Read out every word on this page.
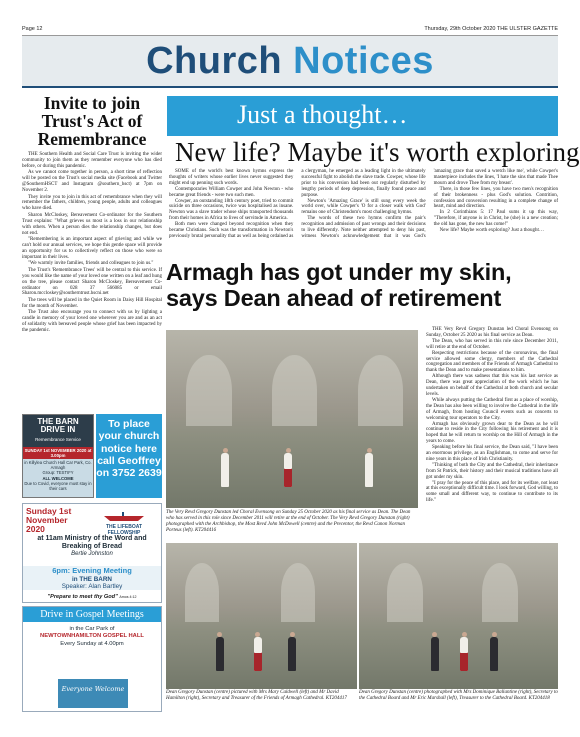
Page 12	Thursday, 29th October 2020 THE ULSTER GAZETTE
Church Notices
Invite to join Trust's Act of Remembrance

THE Southern Health and Social Care Trust is inviting the wider community to join them as they remember everyone who has died before, or during this pandemic.

As we cannot come together in person, a short time of reflection will be posted on the Trust's social media site (Facebook and Twitter @SouthernHSCT and Instagram @southern_hsct) at 7pm on November 2.

They invite you to join in this act of remembrance when they will remember the fathers, children, young people, adults and colleagues who have died.

Sharon McCloskey, Bereavement Co-ordinator for the Southern Trust explains: "What grieves us most is a loss in our relationship with others. When a person dies the relationship changes, but does not end.

"Remembering is an important aspect of grieving and while we can't hold our annual services, we hope this gentle space will provide an opportunity for us to collectively reflect on those who were so important in their lives.

"We warmly invite families, friends and colleagues to join us."

The Trust's 'Remembrance Trees' will be central to this service. If you would like the name of your loved one written on a leaf and hung on the tree, please contact Sharon McCloskey, Bereavement Co-ordinator on 028 37 566085 or email Sharon.mccloskey@southerntrust.hscni.net

The trees will be placed in the Quiet Room in Daisy Hill Hospital for the month of November.

The Trust also encourage you to connect with us by lighting a candle in memory of your loved one wherever you are and as an act of solidarity with bereaved people whose grief has been impacted by the pandemic.

THE BARN
DRIVE IN
Remembrance Service
SUNDAY 1st NOVEMBER 2020 at 3.00pm
in Killylea Church Hall Car Park, Co. Armagh
Group: TESTIFY
ALL WELCOME
Due to Covid, everyone must stay in their cars
To place your church notice here call Geoffrey on 3752 2639
Sunday 1st November 2020	THE LIFEBOAT FELLOWSHIP
at 11am Ministry of the Word and Breaking of Bread
Bertie Johnston
6pm: Evening Meeting
in THE BARN
Speaker: Alan Bartley
"Prepare to meet thy God" Amos 4:12
Drive in Gospel Meetings
in the Car Park of
NEWTOWNHAMILTON GOSPEL HALL
Every Sunday at 4.00pm
Everyone Welcome
Just a thought…
New life? Maybe it's worth exploring

SOME of the world's best known hymns express the thoughts of writers whose earlier lives never suggested they might end up penning such words.

Contemporaries William Cowper and John Newton - who became great friends - were two such men.

Cowper, an outstanding 18th century poet, tried to commit suicide on three occasions, twice was hospitalised as insane. Newton was a slave trader whose ships transported thousands from their homes in Africa to lives of servitude in America.

Both men were changed beyond recognition when they became Christians. Such was the transformation in Newton's previously brutal personality that as well as being ordained as a clergyman, he emerged as a leading light in the ultimately successful fight to abolish the slave trade. Cowper, whose life prior to his conversion had been out regularly disturbed by lengthy periods of deep depression, finally found peace and purpose.

Newton's 'Amazing Grace' is still sung every week the world over, while Cowper's 'O for a closer walk with God' remains one of Christendom's most challenging hymns.

The words of these two hymns confirm the pair's recognition and admission of past wrongs and their decisions to live differently. Note neither attempted to deny his past, witness Newton's acknowledgement that it was God's 'amazing grace that saved a wretch like me', while Cowper's masterpiece includes the lines, 'I hate the sins that made Thee mourn and drove Thee from my breast'.

There, in those few lines, you have two men's recognition of their brokenness - plus God's solution. Contrition, confession and conversion resulting in a complete change of heart, mind and direction.

In 2 Corinthians 5: 17 Paul sums it up this way, "Therefore, if anyone is in Christ, he (she) is a new creation; the old has gone, the new has come!"

New life? Maybe worth exploring? Just a thought…

Armagh has got under my skin, says Dean ahead of retirement
The Very Revd Gregory Dunstan led Choral Evensong on Sunday 25 October 2020 as his final service as Dean. The Dean who has served in this role since December 2011 will retire at the end of October. The Very Revd Gregory Dunstan (right) photographed with the Archbishop, the Most Revd John McDowell (centre) and the Precentor, the Revd Canon Norman Porteus (left). KT204416

THE Very Revd Gregory Dunstan led Choral Evensong on Sunday, October 25 2020 as his final service as Dean.

The Dean, who has served in this role since December 2011, will retire at the end of October.

Respecting restrictions because of the coronavirus, the final service allowed some clergy, members of the Cathedral congregation and members of the Friends of Armagh Cathedral to thank the Dean and to make presentations to him.

Although there was sadness that this was his last service as Dean, there was great appreciation of the work which he has undertaken on behalf of the Cathedral at both church and secular levels.

While always putting the Cathedral first as a place of worship, the Dean has also been willing to involve the Cathedral in the life of Armagh, from hosting Council events such as concerts to welcoming tour operators to the City.

Armagh has obviously grown dear to the Dean as he will continue to reside in the City following his retirement and it is hoped that he will return to worship on the Hill of Armagh in the years to come.

Speaking before his final service, the Dean said, "I have been an enormous privilege, as an Englishman, to come and serve for nine years in this place of Irish Christianity.

"Thinking of both the City and the Cathedral, their inheritance from St Patrick, their history and their musical traditions have all got under my skin.

"I pray for the peace of this place, and for its welfare, not least at this exceptionally difficult time. I look forward, God willing, to some small and different way, to continue to contribute to its life."

Dean Gregory Dunstan (centre) pictured with Mrs Mary Caldwell (left) and Mr David Hamilton (right), Secretary and Treasurer of the Friends of Armagh Cathedral. KT204417
Dean Gregory Dunstan (centre) photographed with Mrs Dominique Ballantine (right), Secretary to the Cathedral Board and Mr Eric Marshall (left), Treasurer to the Cathedral Board. KT204418
